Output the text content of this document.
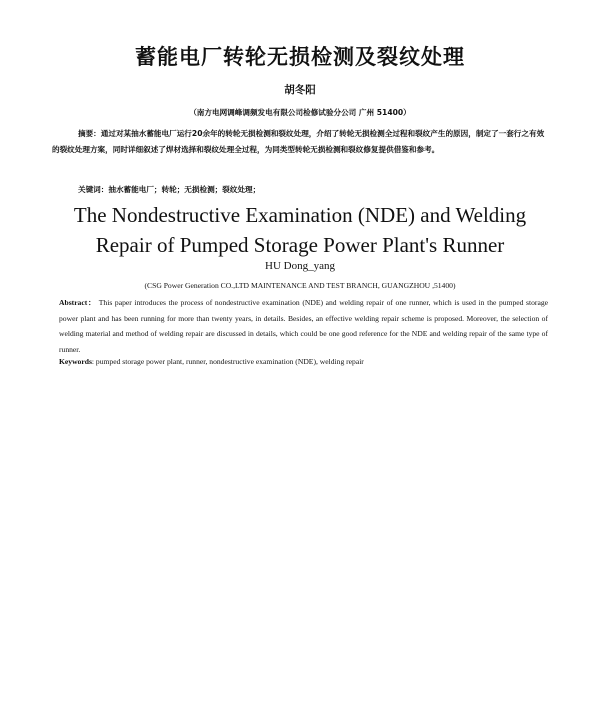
蓄能电厂转轮无损检测及裂纹处理
胡冬阳
（南方电网调峰调频发电有限公司检修试验分公司 广州 51400）

摘要：通过对某抽水蓄能电厂运行20余年的转轮无损检测和裂纹处理，介绍了转轮无损检测全过程和裂纹产生的原因，制定了一套行之有效的裂纹处理方案，同时详细叙述了焊材选择和裂纹处理全过程，为同类型转轮无损检测和裂纹修复提供借鉴和参考。

关键词：抽水蓄能电厂；转轮；无损检测；裂纹处理；

The Nondestructive Examination (NDE) and Welding
Repair of Pumped Storage Power Plant's Runner
HU Dong_yang
(CSG Power Generation CO.,LTD MAINTENANCE AND TEST BRANCH, GUANGZHOU ,51400)

Abstract： This paper introduces the process of nondestructive examination (NDE) and welding repair of one runner, which is used in the pumped storage power plant and has been running for more than twenty years, in details. Besides, an effective welding repair scheme is proposed. Moreover, the selection of welding material and method of welding repair are discussed in details, which could be one good reference for the NDE and welding repair of the same type of runner.

Keywords: pumped storage power plant, runner, nondestructive examination (NDE), welding repair
